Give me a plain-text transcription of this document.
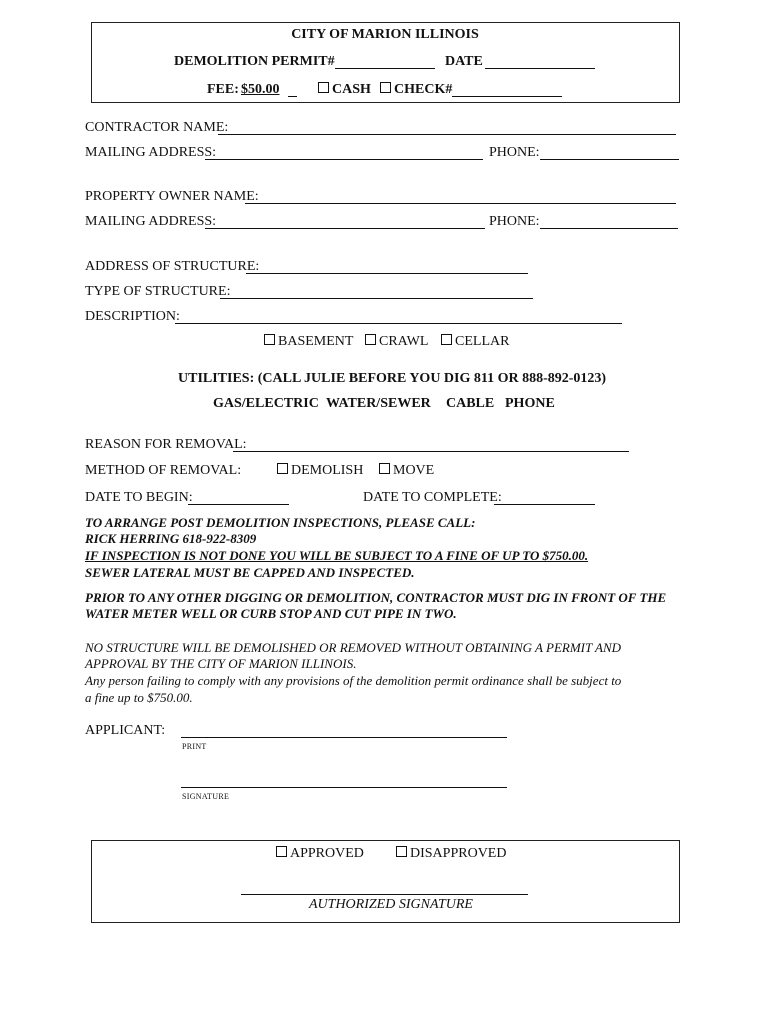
CITY OF MARION ILLINOIS
DEMOLITION PERMIT#	DATE
FEE: $50.00	CASH	CHECK#
CONTRACTOR NAME:
MAILING ADDRESS:	PHONE:
PROPERTY OWNER NAME:
MAILING ADDRESS:	PHONE:
ADDRESS OF STRUCTURE:
TYPE OF STRUCTURE:
DESCRIPTION:
BASEMENT	CRAWL	CELLAR
UTILITIES: (CALL JULIE BEFORE YOU DIG 811 OR 888-892-0123)
GAS/ELECTRIC WATER/SEWER CABLE PHONE
REASON FOR REMOVAL:
METHOD OF REMOVAL:	DEMOLISH	MOVE
DATE TO BEGIN:	DATE TO COMPLETE:
TO ARRANGE POST DEMOLITION INSPECTIONS, PLEASE CALL:
RICK HERRING 618-922-8309
IF INSPECTION IS NOT DONE YOU WILL BE SUBJECT TO A FINE OF UP TO $750.00.
SEWER LATERAL MUST BE CAPPED AND INSPECTED.
PRIOR TO ANY OTHER DIGGING OR DEMOLITION, CONTRACTOR MUST DIG IN FRONT OF THE
WATER METER WELL OR CURB STOP AND CUT PIPE IN TWO.
NO STRUCTURE WILL BE DEMOLISHED OR REMOVED WITHOUT OBTAINING A PERMIT AND
APPROVAL BY THE CITY OF MARION ILLINOIS.
Any person failing to comply with any provisions of the demolition permit ordinance shall be subject to
a fine up to $750.00.
APPLICANT:
PRINT
SIGNATURE
APPROVED	DISAPPROVED
AUTHORIZED SIGNATURE
